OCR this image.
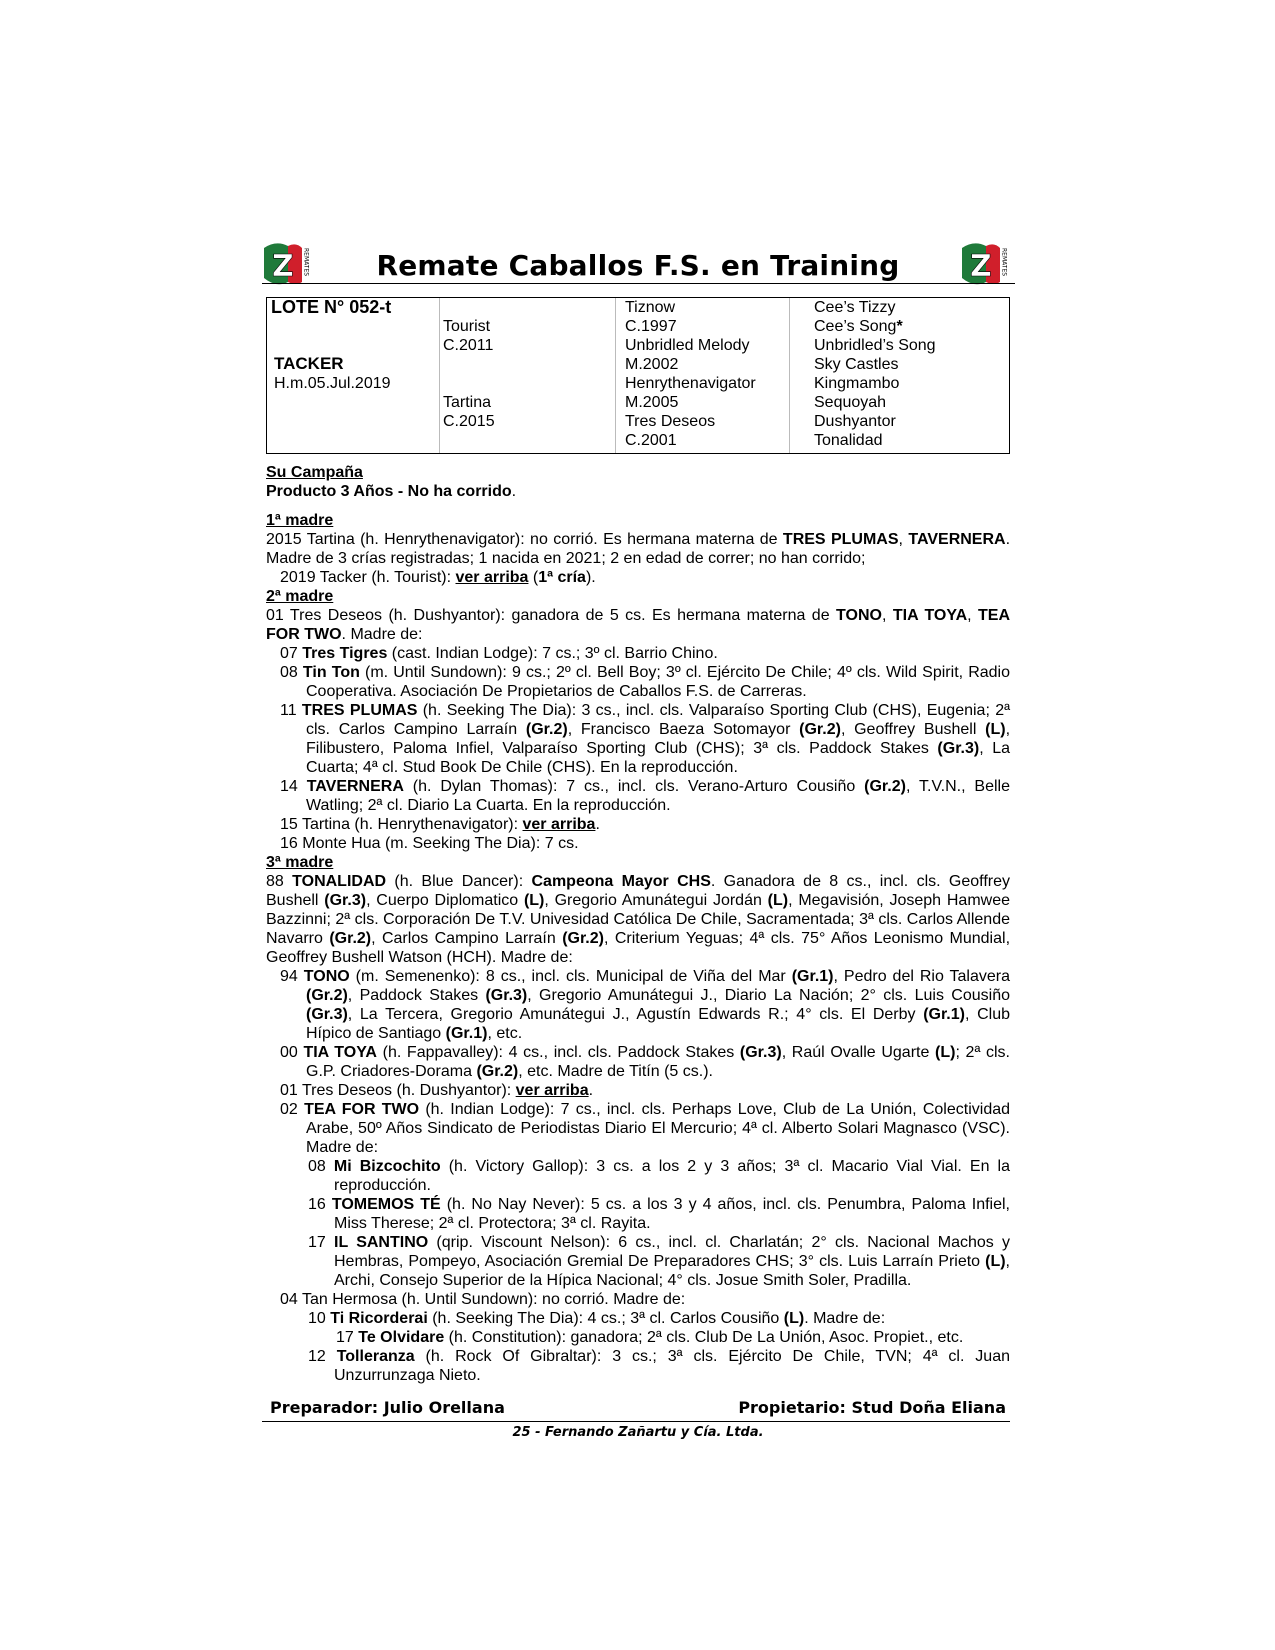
Z REMATES	Z REMATES
Remate Caballos F.S. en Training
LOTE N° 052-t
TACKER
H.m.05.Jul.2019
Tourist
C.2011
Tartina
C.2015
Tiznow
C.1997
Unbridled Melody
M.2002
Henrythenavigator
M.2005
Tres Deseos
C.2001
Cee’s Tizzy
Cee’s Song*
Unbridled’s Song
Sky Castles
Kingmambo
Sequoyah
Dushyantor
Tonalidad

Su Campaña

Producto 3 Años - No ha corrido.

1ª madre

2015 Tartina (h. Henrythenavigator): no corrió. Es hermana materna de TRES PLUMAS, TAVERNERA. Madre de 3 crías registradas; 1 nacida en 2021; 2 en edad de correr; no han corrido;

2019 Tacker (h. Tourist): ver arriba (1ª cría).

2ª madre

01 Tres Deseos (h. Dushyantor): ganadora de 5 cs. Es hermana materna de TONO, TIA TOYA, TEA FOR TWO. Madre de:

07 Tres Tigres (cast. Indian Lodge): 7 cs.; 3º cl. Barrio Chino.

08 Tin Ton (m. Until Sundown): 9 cs.; 2º cl. Bell Boy; 3º cl. Ejército De Chile; 4º cls. Wild Spirit, Radio Cooperativa. Asociación De Propietarios de Caballos F.S. de Carreras.

11 TRES PLUMAS (h. Seeking The Dia): 3 cs., incl. cls. Valparaíso Sporting Club (CHS), Eugenia; 2ª cls. Carlos Campino Larraín (Gr.2), Francisco Baeza Sotomayor (Gr.2), Geoffrey Bushell (L), Filibustero, Paloma Infiel, Valparaíso Sporting Club (CHS); 3ª cls. Paddock Stakes (Gr.3), La Cuarta; 4ª cl. Stud Book De Chile (CHS). En la reproducción.

14 TAVERNERA (h. Dylan Thomas): 7 cs., incl. cls. Verano-Arturo Cousiño (Gr.2), T.V.N., Belle Watling; 2ª cl. Diario La Cuarta. En la reproducción.

15 Tartina (h. Henrythenavigator): ver arriba.

16 Monte Hua (m. Seeking The Dia): 7 cs.

3ª madre

88 TONALIDAD (h. Blue Dancer): Campeona Mayor CHS. Ganadora de 8 cs., incl. cls. Geoffrey Bushell (Gr.3), Cuerpo Diplomatico (L), Gregorio Amunátegui Jordán (L), Megavisión, Joseph Hamwee Bazzinni; 2ª cls. Corporación De T.V. Univesidad Católica De Chile, Sacramentada; 3ª cls. Carlos Allende Navarro (Gr.2), Carlos Campino Larraín (Gr.2), Criterium Yeguas; 4ª cls. 75° Años Leonismo Mundial, Geoffrey Bushell Watson (HCH). Madre de:

94 TONO (m. Semenenko): 8 cs., incl. cls. Municipal de Viña del Mar (Gr.1), Pedro del Rio Talavera (Gr.2), Paddock Stakes (Gr.3), Gregorio Amunátegui J., Diario La Nación; 2° cls. Luis Cousiño (Gr.3), La Tercera, Gregorio Amunátegui J., Agustín Edwards R.; 4° cls. El Derby (Gr.1), Club Hípico de Santiago (Gr.1), etc.

00 TIA TOYA (h. Fappavalley): 4 cs., incl. cls. Paddock Stakes (Gr.3), Raúl Ovalle Ugarte (L); 2ª cls. G.P. Criadores-Dorama (Gr.2), etc. Madre de Titín (5 cs.).

01 Tres Deseos (h. Dushyantor): ver arriba.

02 TEA FOR TWO (h. Indian Lodge): 7 cs., incl. cls. Perhaps Love, Club de La Unión, Colectividad Arabe, 50º Años Sindicato de Periodistas Diario El Mercurio; 4ª cl. Alberto Solari Magnasco (VSC). Madre de:

08 Mi Bizcochito (h. Victory Gallop): 3 cs. a los 2 y 3 años; 3ª cl. Macario Vial Vial. En la reproducción.

16 TOMEMOS TÉ (h. No Nay Never): 5 cs. a los 3 y 4 años, incl. cls. Penumbra, Paloma Infiel, Miss Therese; 2ª cl. Protectora; 3ª cl. Rayita.

17 IL SANTINO (qrip. Viscount Nelson): 6 cs., incl. cl. Charlatán; 2° cls. Nacional Machos y Hembras, Pompeyo, Asociación Gremial De Preparadores CHS; 3° cls. Luis Larraín Prieto (L), Archi, Consejo Superior de la Hípica Nacional; 4° cls. Josue Smith Soler, Pradilla.

04 Tan Hermosa (h. Until Sundown): no corrió. Madre de:

10 Ti Ricorderai (h. Seeking The Dia): 4 cs.; 3ª cl. Carlos Cousiño (L). Madre de:

17 Te Olvidare (h. Constitution): ganadora; 2ª cls. Club De La Unión, Asoc. Propiet., etc.

12 Tolleranza (h. Rock Of Gibraltar): 3 cs.; 3ª cls. Ejército De Chile, TVN; 4ª cl. Juan Unzurrunzaga Nieto.

Preparador: Julio Orellana	Propietario: Stud Doña Eliana
25 - Fernando Zañartu y Cía. Ltda.
